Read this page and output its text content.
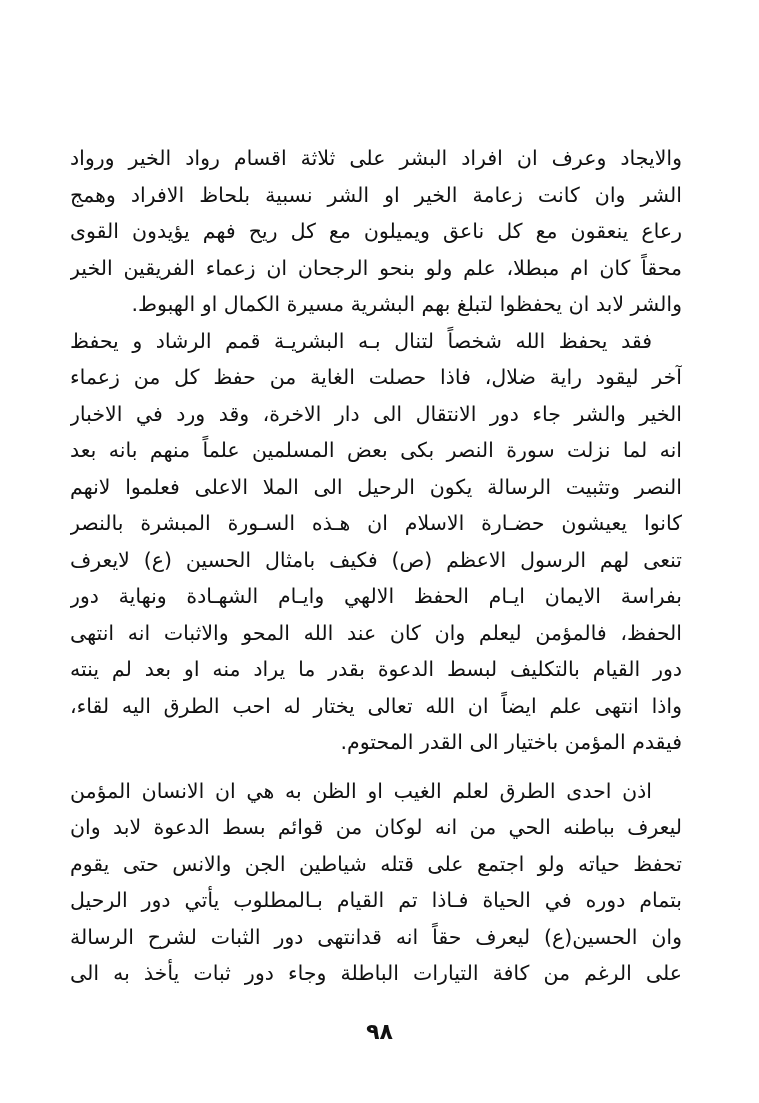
والايجاد وعرف ان افراد البشر على ثلاثة اقسام رواد الخير ورواد
الشر وان كانت زعامة الخير او الشر نسبية بلحاظ الافراد وهمج
رعاع ينعقون مع كل ناعق ويميلون مع كل ريح فهم يؤيدون القوى
محقاً كان ام مبطلا، علم ولو بنحو الرجحان ان زعماء الفريقين الخير
والشر لابد ان يحفظوا لتبلغ بهم البشرية مسيرة الكمال او الهبوط.
فقد يحفظ الله شخصاً لتنال بـه البشريـة قمم الرشاد و يحفظ
آخر ليقود راية ضلال، فاذا حصلت الغاية من حفظ كل من زعماء
الخير والشر جاء دور الانتقال الى دار الاخرة، وقد ورد في الاخبار
انه لما نزلت سورة النصر بكى بعض المسلمين علماً منهم بانه بعد
النصر وتثبيت الرسالة يكون الرحيل الى الملا الاعلى فعلموا لانهم
كانوا يعيشون حضـارة الاسلام ان هـذه السـورة المبشرة بالنصر
تنعى لهم الرسول الاعظم (ص) فكيف بامثال الحسين (ع) لايعرف
بفراسة الايمان ايـام الحفظ الالهي وايـام الشهـادة ونهاية دور
الحفظ، فالمؤمن ليعلم وان كان عند الله المحو والاثبات انه انتهى
دور القيام بالتكليف لبسط الدعوة بقدر ما يراد منه او بعد لم ينته
واذا انتهى علم ايضاً ان الله تعالى يختار له احب الطرق اليه لقاء،
فيقدم المؤمن باختيار الى القدر المحتوم.
اذن احدى الطرق لعلم الغيب او الظن به هي ان الانسان المؤمن
ليعرف بباطنه الحي من انه لوكان من قوائم بسط الدعوة لابد وان
تحفظ حياته ولو اجتمع على قتله شياطين الجن والانس حتى يقوم
بتمام دوره في الحياة فـاذا تم القيام بـالمطلوب يأتي دور الرحيل
وان الحسين(ع) ليعرف حقاً انه قدانتهى دور الثبات لشرح الرسالة
على الرغم من كافة التيارات الباطلة وجاء دور ثبات يأخذ به الى
٩٨
